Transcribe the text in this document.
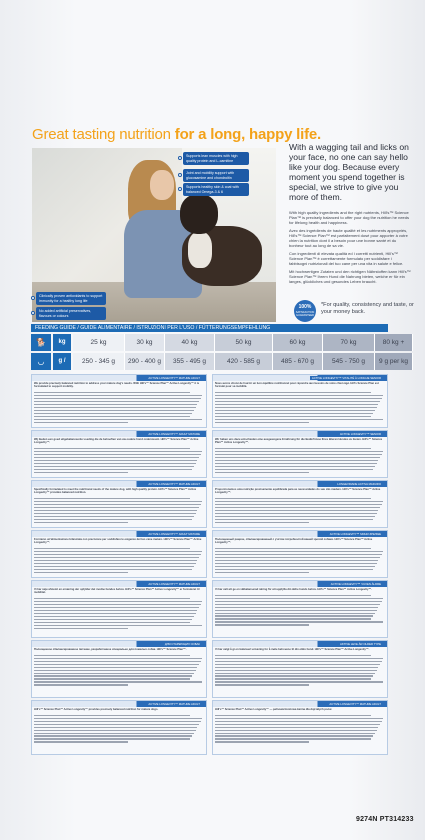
Great tasting nutrition for a long, happy life.
Supports lean muscles with high quality protein and L-carnitine
Joint and mobility support with glucosamine and chondroitin
Supports healthy skin & coat with balanced Omega-3 & 6
Clinically proven antioxidants to support immunity for a healthy long life
No added artificial preservatives, flavours or colours
With a wagging tail and licks on your face, no one can say hello like your dog. Because every moment you spend together is special, we strive to give you more of them.

With high quality ingredients and the right nutrients, Hill's™ Science Plan™ is precisely balanced to offer your dog the nutrition he needs for lifelong health and happiness.

Avec des ingrédients de haute qualité et les nutriments appropriés, Hill's™ Science Plan™ est parfaitement dosé pour apporter à votre chien la nutrition dont il a besoin pour une bonne santé et du bonheur tout au long de sa vie.

Con ingredienti di elevata qualità ed i corretti nutrienti, Hill's™ Science Plan™ è correttamente formulato per soddisfare i fabbisogni nutrizionali del tuo cane per una vita in salute e felice.

Mit hochwertigen Zutaten und den richtigen Nährstoffen kann Hill's™ Science Plan™ Ihrem Hund die Nahrung bieten, welche er für ein langes, glückliches und gesundes Leben braucht.

100%
SATISFACTION GUARANTEED
*For quality, consistency and taste, or your money back.
FEEDING GUIDE / GUIDE ALIMENTAIRE / ISTRUZIONI PER L'USO / FÜTTERUNGSEMPFEHLUNG
🐕	kg	25 kg	30 kg	40 kg	50 kg	60 kg	70 kg	80 kg +
◡	g /	250 - 345 g	290 - 400 g	355 - 495 g	420 - 585 g	485 - 670 g	545 - 750 g	9 g per kg
ACTIVE LONGEVITY™ MATURE ADULT
We provide precisely balanced nutrition to address your mature dog's needs. With Hill's™ Science Plan™ Active Longevity™ it is formulated to support mobility.
ACTIVE LONGEVITY™ VITALITÉ À LONGUE SENIOR
Nous avons choisi de fournir un bon équilibre nutritionnel pour répondre aux besoins de votre chien âgé. Hill's Science Plan est formulé pour sa mobilité.
ACTIVE LONGEVITY™ ADULT MATURE
Wij bieden een goed uitgebalanceerde voeding die de behoeften van uw oudere hond ondersteunt. Hill's™ Science Plan™ Active Longevity™.
ACTIVE LONGEVITY™ SENIOR
Wir haben uns dazu entschieden eine ausgewogene Ernährung für die Bedürfnisse Ihres älteren Hundes zu bieten. Hill's™ Science Plan™ Active Longevity™.
ACTIVE LONGEVITY™ MATURE ADULT
Specifically formulated to meet the nutritional needs of the mature dog, with high quality protein. Hill's™ Science Plan™ Active Longevity™ provides balanced nutrition.
LONGEVIDADE ACTIVA MADURO
Proporcionamos uma nutrição precisamente equilibrada para as necessidades do seu cão maduro. Hill's™ Science Plan™ Active Longevity™.
ACTIVE LONGEVITY™ ADULT MATURE
Forniamo un'alimentazione bilanciata con precisione per soddisfare le esigenze del tuo cane maturo. Hill's™ Science Plan™ Active Longevity™.
ACTIVE LONGEVITY™ МИНИ ЗРЕЛЫЕ
Полноценный рацион, сбалансированный с учётом потребностей вашей зрелой собаки. Hill's™ Science Plan™ Active Longevity™.
ACTIVE LONGEVITY™ MATURE ADULT
Vi har nøje afstemt en ernæring der opfylder det modne hundes behov. Hill's™ Science Plan™ Active Longevity™ er formuleret til mobilitet.
ACTIVE LONGEVITY™ VUXEN ÄLDRE
Vi har valt att ge en välbalanserad näring för att uppfylla din äldre hunds behov. Hill's™ Science Plan™ Active Longevity™.
ДЛЯ СТАРЕЮЩИХ СОБАК
Полноценное сбалансированное питание, разработанное специально для пожилых собак. Hill's™ Science Plan™.
AKTIVE LEVE ÅR OLDER TYPE
Vi har valgt å gi en balansert ernæring for å møte behovene til din eldre hund. Hill's™ Science Plan™ Active Longevity™.
ACTIVE LONGEVITY™ MATURE ADULT
Hill's™ Science Plan™ Active Longevity™ provides precisely balanced nutrition for mature dogs.
ACTIVE LONGEVITY™ MATURE ADULT
Hill's™ Science Plan™ Active Longevity™ — pełnowartościowa karma dla dojrzałych psów.
9274N PT314233
